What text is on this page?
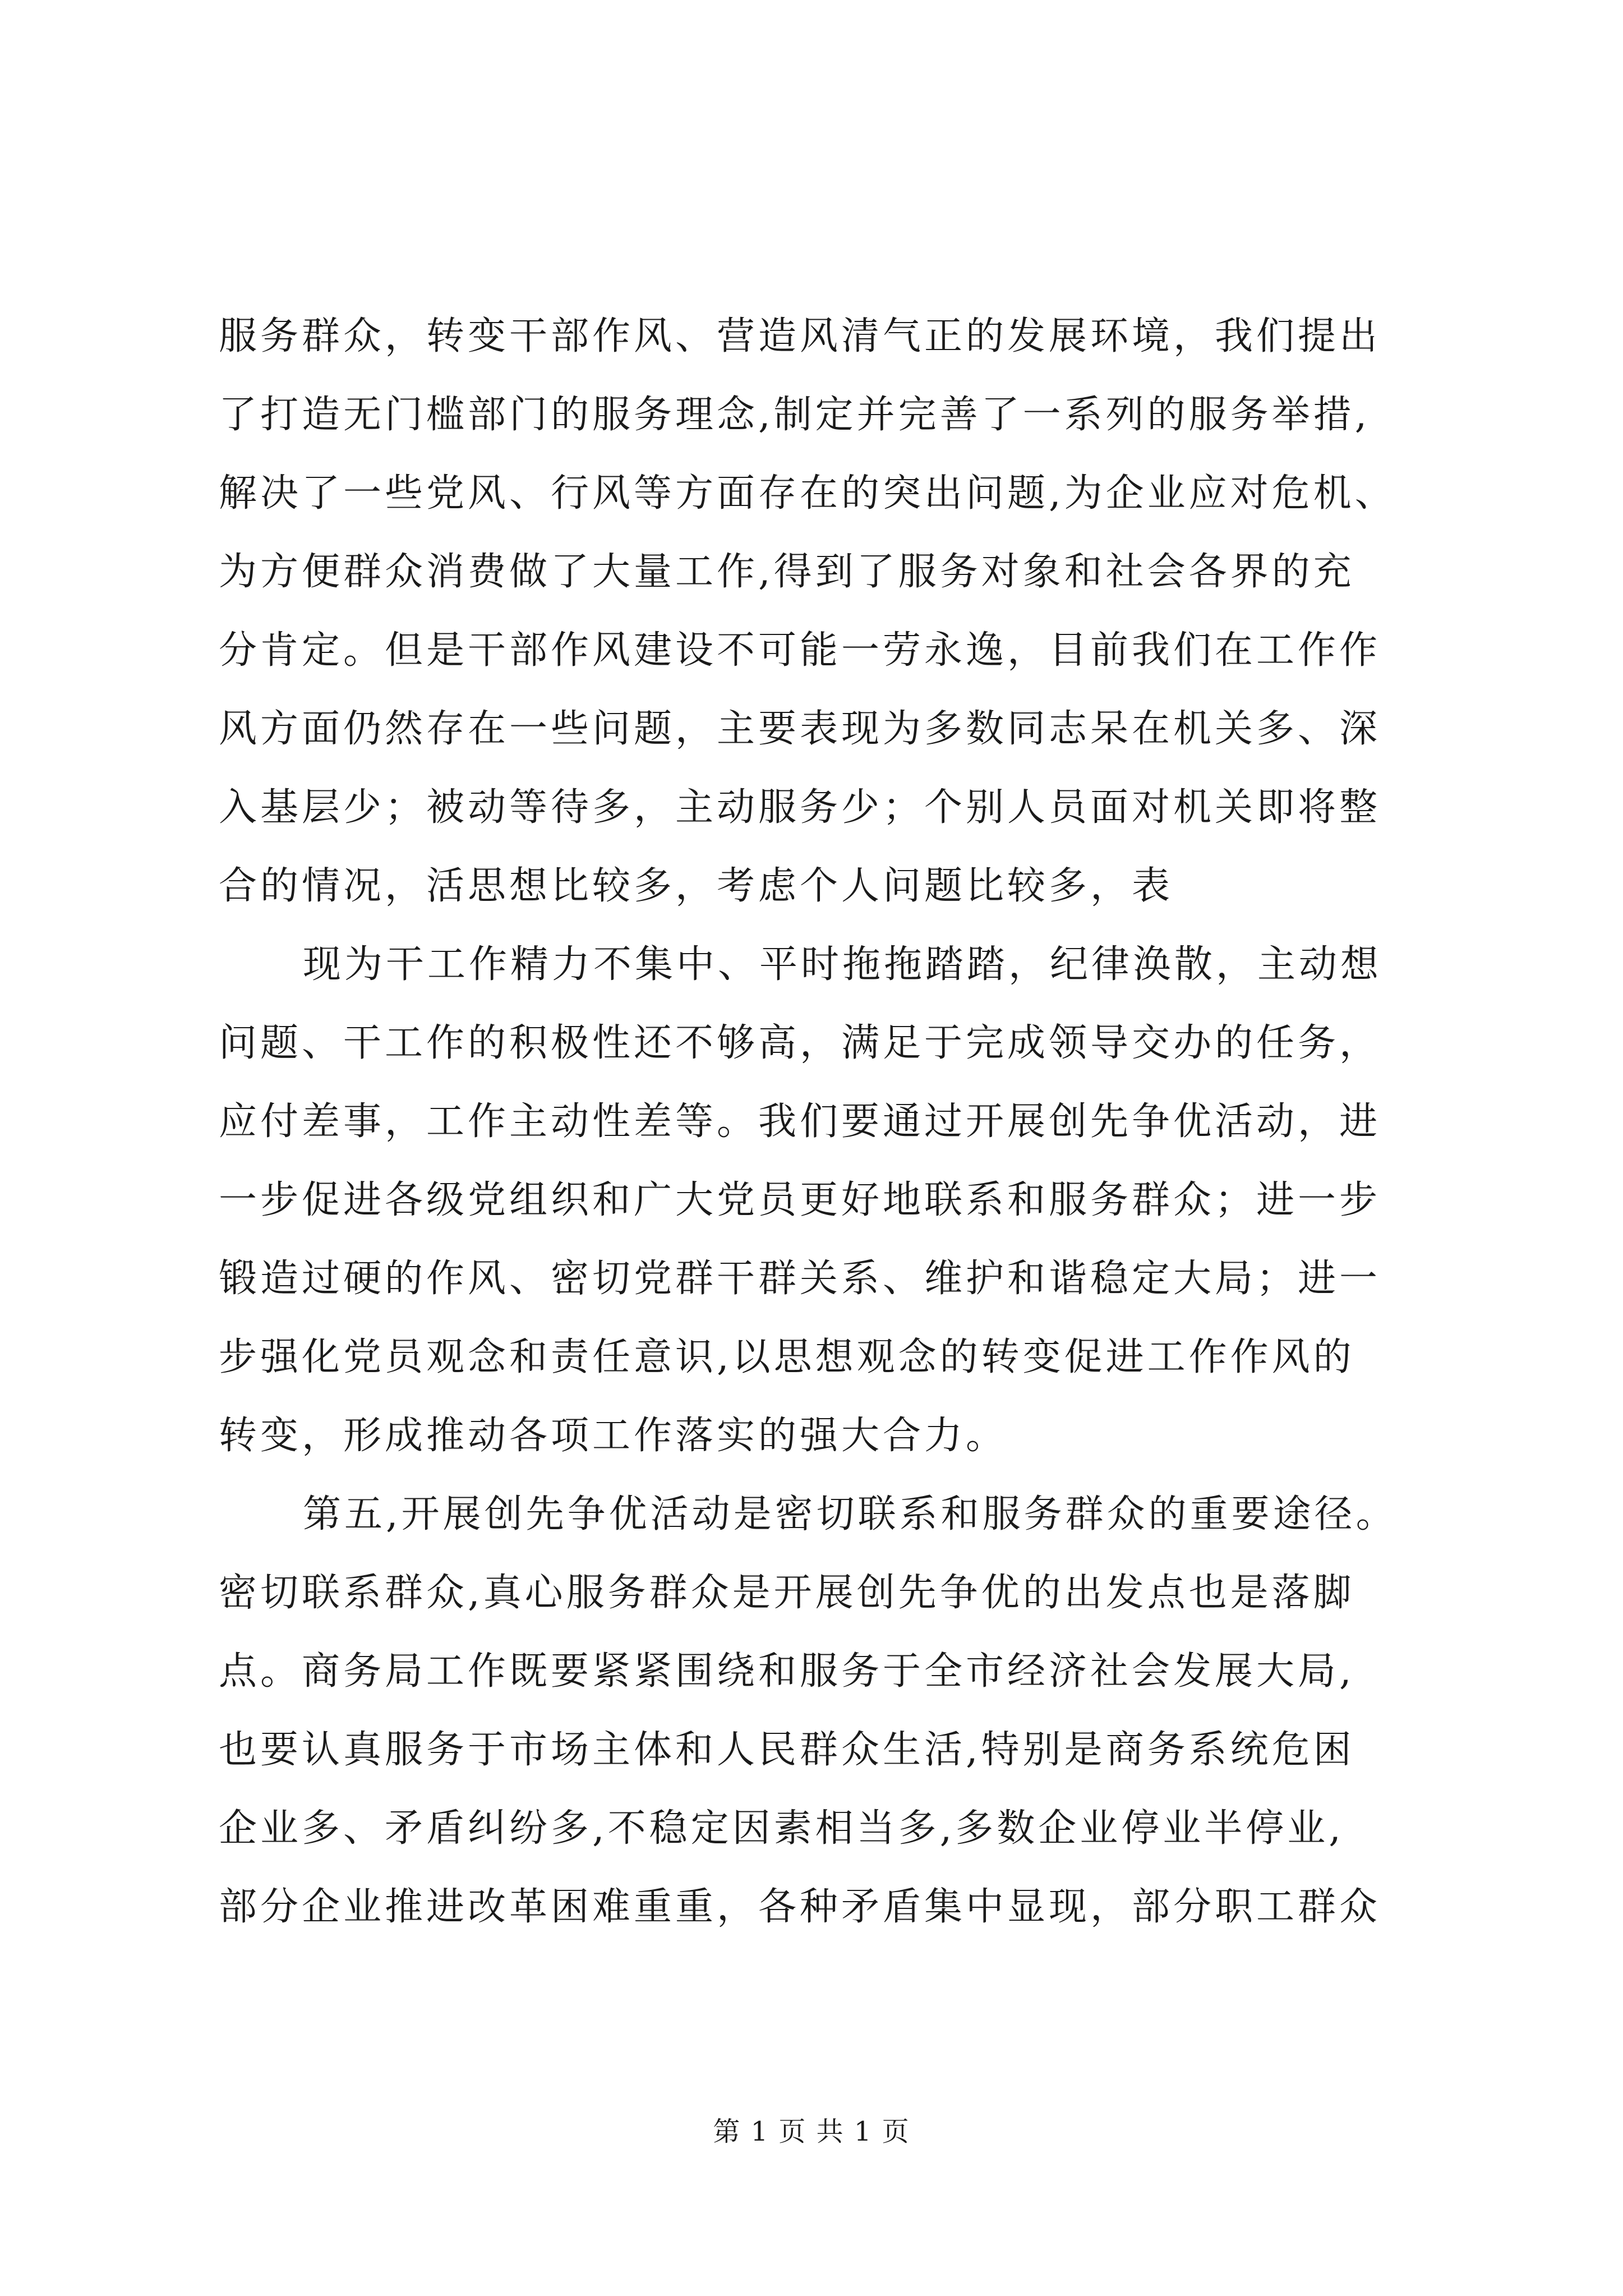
服务群众，转变干部作风、营造风清气正的发展环境，我们提出
了打造无门槛部门的服务理念,制定并完善了一系列的服务举措,
解决了一些党风、行风等方面存在的突出问题,为企业应对危机、
为方便群众消费做了大量工作,得到了服务对象和社会各界的充
分肯定。但是干部作风建设不可能一劳永逸，目前我们在工作作
风方面仍然存在一些问题，主要表现为多数同志呆在机关多、深
入基层少；被动等待多，主动服务少；个别人员面对机关即将整
合的情况，活思想比较多，考虑个人问题比较多，表
现为干工作精力不集中、平时拖拖踏踏，纪律涣散，主动想
问题、干工作的积极性还不够高，满足于完成领导交办的任务，
应付差事，工作主动性差等。我们要通过开展创先争优活动，进
一步促进各级党组织和广大党员更好地联系和服务群众；进一步
锻造过硬的作风、密切党群干群关系、维护和谐稳定大局；进一
步强化党员观念和责任意识,以思想观念的转变促进工作作风的
转变，形成推动各项工作落实的强大合力。
第五,开展创先争优活动是密切联系和服务群众的重要途径。
密切联系群众,真心服务群众是开展创先争优的出发点也是落脚
点。商务局工作既要紧紧围绕和服务于全市经济社会发展大局,
也要认真服务于市场主体和人民群众生活,特别是商务系统危困
企业多、矛盾纠纷多,不稳定因素相当多,多数企业停业半停业,
部分企业推进改革困难重重，各种矛盾集中显现，部分职工群众
第 1 页 共 1 页
